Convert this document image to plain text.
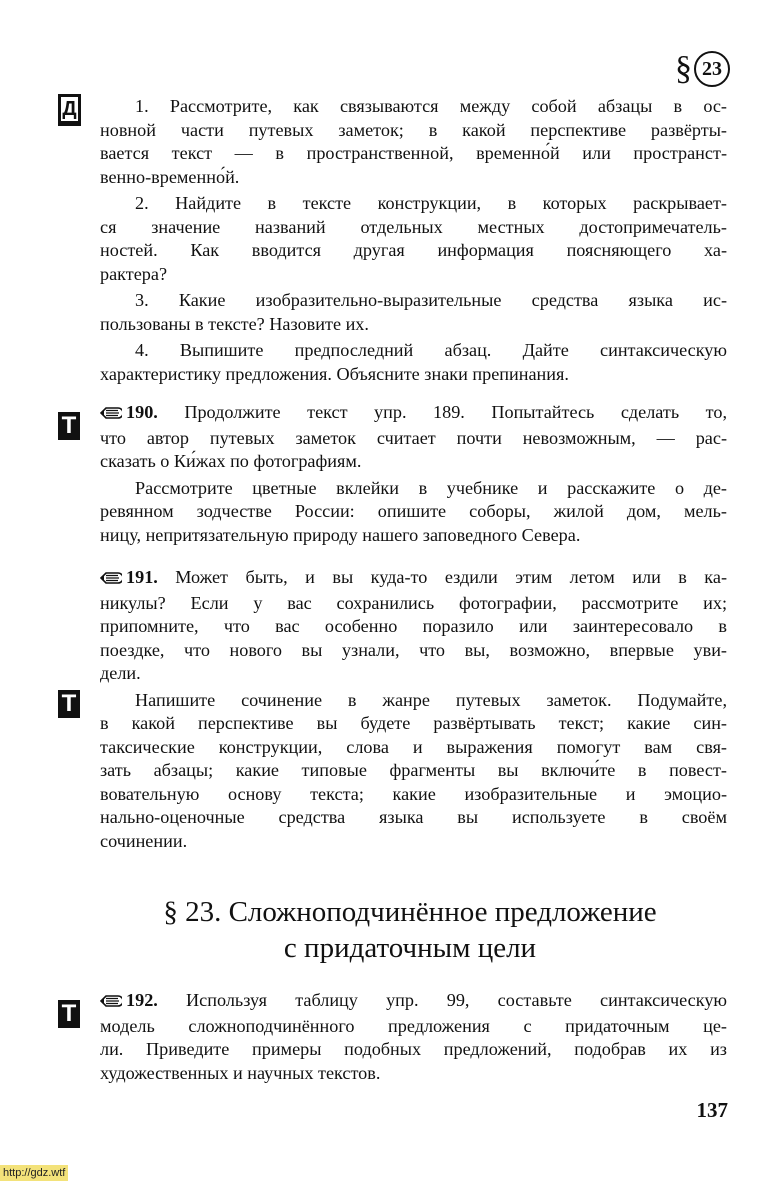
§ 23
1. Рассмотрите, как связываются между собой абзацы в ос-
новной части путевых заметок; в какой перспективе развёрты-
вается текст — в пространственной, временно́й или пространст-
венно-временно́й.
2. Найдите в тексте конструкции, в которых раскрывает-
ся значение названий отдельных местных достопримечатель-
ностей. Как вводится другая информация поясняющего ха-
рактера?
3. Какие изобразительно-выразительные средства языка ис-
пользованы в тексте? Назовите их.
4. Выпишите предпоследний абзац. Дайте синтаксическую
характеристику предложения. Объясните знаки препинания.
Д
190. Продолжите текст упр. 189. Попытайтесь сделать то,
что автор путевых заметок считает почти невозможным, — рас-
сказать о Ки́жах по фотографиям.
Рассмотрите цветные вклейки в учебнике и расскажите о де-
ревянном зодчестве России: опишите соборы, жилой дом, мель-
ницу, непритязательную природу нашего заповедного Севера.
Т
191. Может быть, и вы куда-то ездили этим летом или в ка-
никулы? Если у вас сохранились фотографии, рассмотрите их;
припомните, что вас особенно поразило или заинтересовало в
поездке, что нового вы узнали, что вы, возможно, впервые уви-
дели.
Напишите сочинение в жанре путевых заметок. Подумайте,
в какой перспективе вы будете развёртывать текст; какие син-
таксические конструкции, слова и выражения помогут вам свя-
зать абзацы; какие типовые фрагменты вы включи́те в повест-
вовательную основу текста; какие изобразительные и эмоцио-
нально-оценочные средства языка вы используете в своём
сочинении.
Т
§ 23. Сложноподчинённое предложение
с придаточным цели
192. Используя таблицу упр. 99, составьте синтаксическую
модель сложноподчинённого предложения с придаточным це-
ли. Приведите примеры подобных предложений, подобрав их из
художественных и научных текстов.
Т
137
http://gdz.wtf
